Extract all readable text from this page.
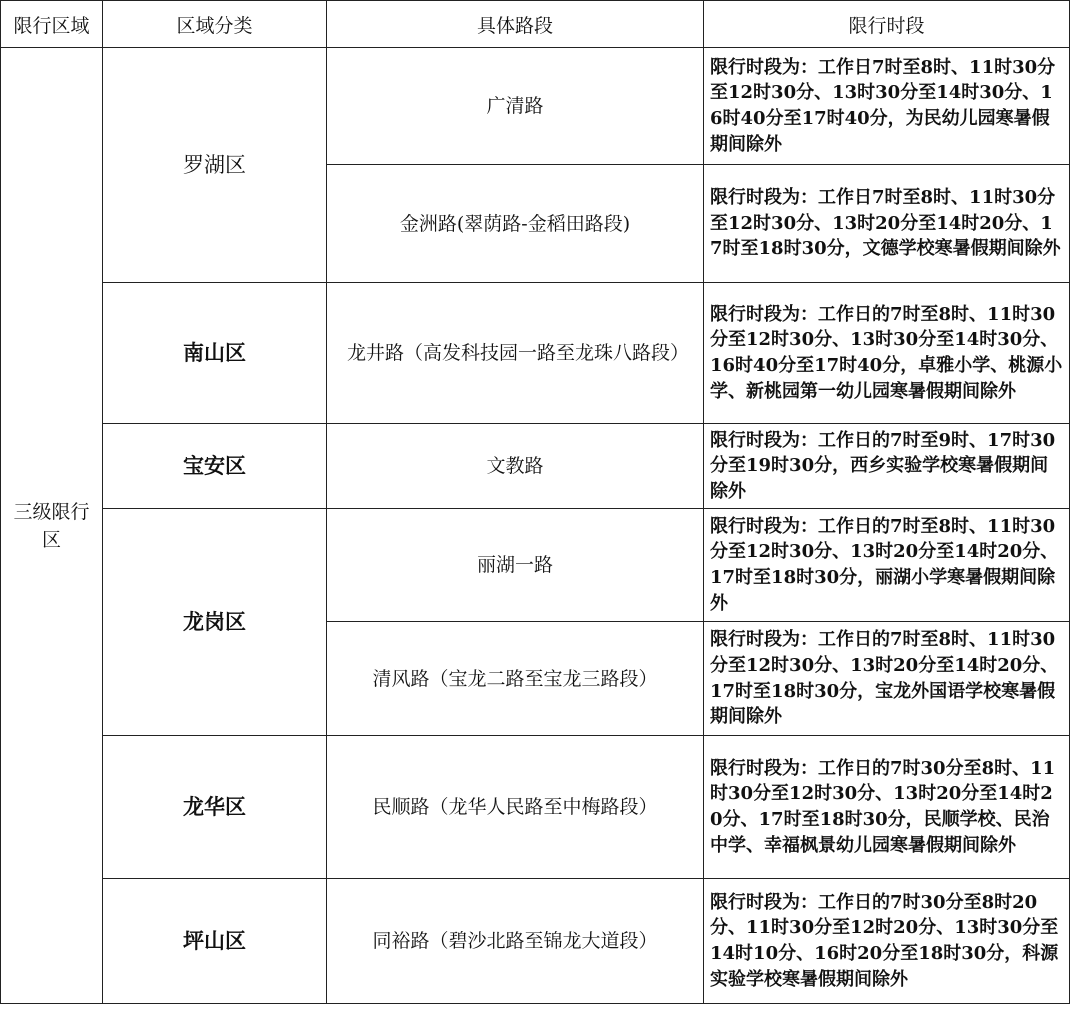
限行区域	区域分类	具体路段	限行时段
三级限行区	罗湖区	广清路	限行时段为：工作日7时至8时、11时30分至12时30分、13时30分至14时30分、16时40分至17时40分，为民幼儿园寒暑假期间除外
		金洲路(翠荫路-金稻田路段)	限行时段为：工作日7时至8时、11时30分至12时30分、13时20分至14时20分、17时至18时30分，文德学校寒暑假期间除外
	南山区	龙井路（高发科技园一路至龙珠八路段）	限行时段为：工作日的7时至8时、11时30分至12时30分、13时30分至14时30分、16时40分至17时40分，卓雅小学、桃源小学、新桃园第一幼儿园寒暑假期间除外
	宝安区	文教路	限行时段为：工作日的7时至9时、17时30分至19时30分，西乡实验学校寒暑假期间除外
	龙岗区	丽湖一路	限行时段为：工作日的7时至8时、11时30分至12时30分、13时20分至14时20分、17时至18时30分，丽湖小学寒暑假期间除外
		清风路（宝龙二路至宝龙三路段）	限行时段为：工作日的7时至8时、11时30分至12时30分、13时20分至14时20分、17时至18时30分，宝龙外国语学校寒暑假期间除外
	龙华区	民顺路（龙华人民路至中梅路段）	限行时段为：工作日的7时30分至8时、11时30分至12时30分、13时20分至14时20分、17时至18时30分，民顺学校、民治中学、幸福枫景幼儿园寒暑假期间除外
	坪山区	同裕路（碧沙北路至锦龙大道段）	限行时段为：工作日的7时30分至8时20分、11时30分至12时20分、13时30分至14时10分、16时20分至18时30分，科源实验学校寒暑假期间除外
